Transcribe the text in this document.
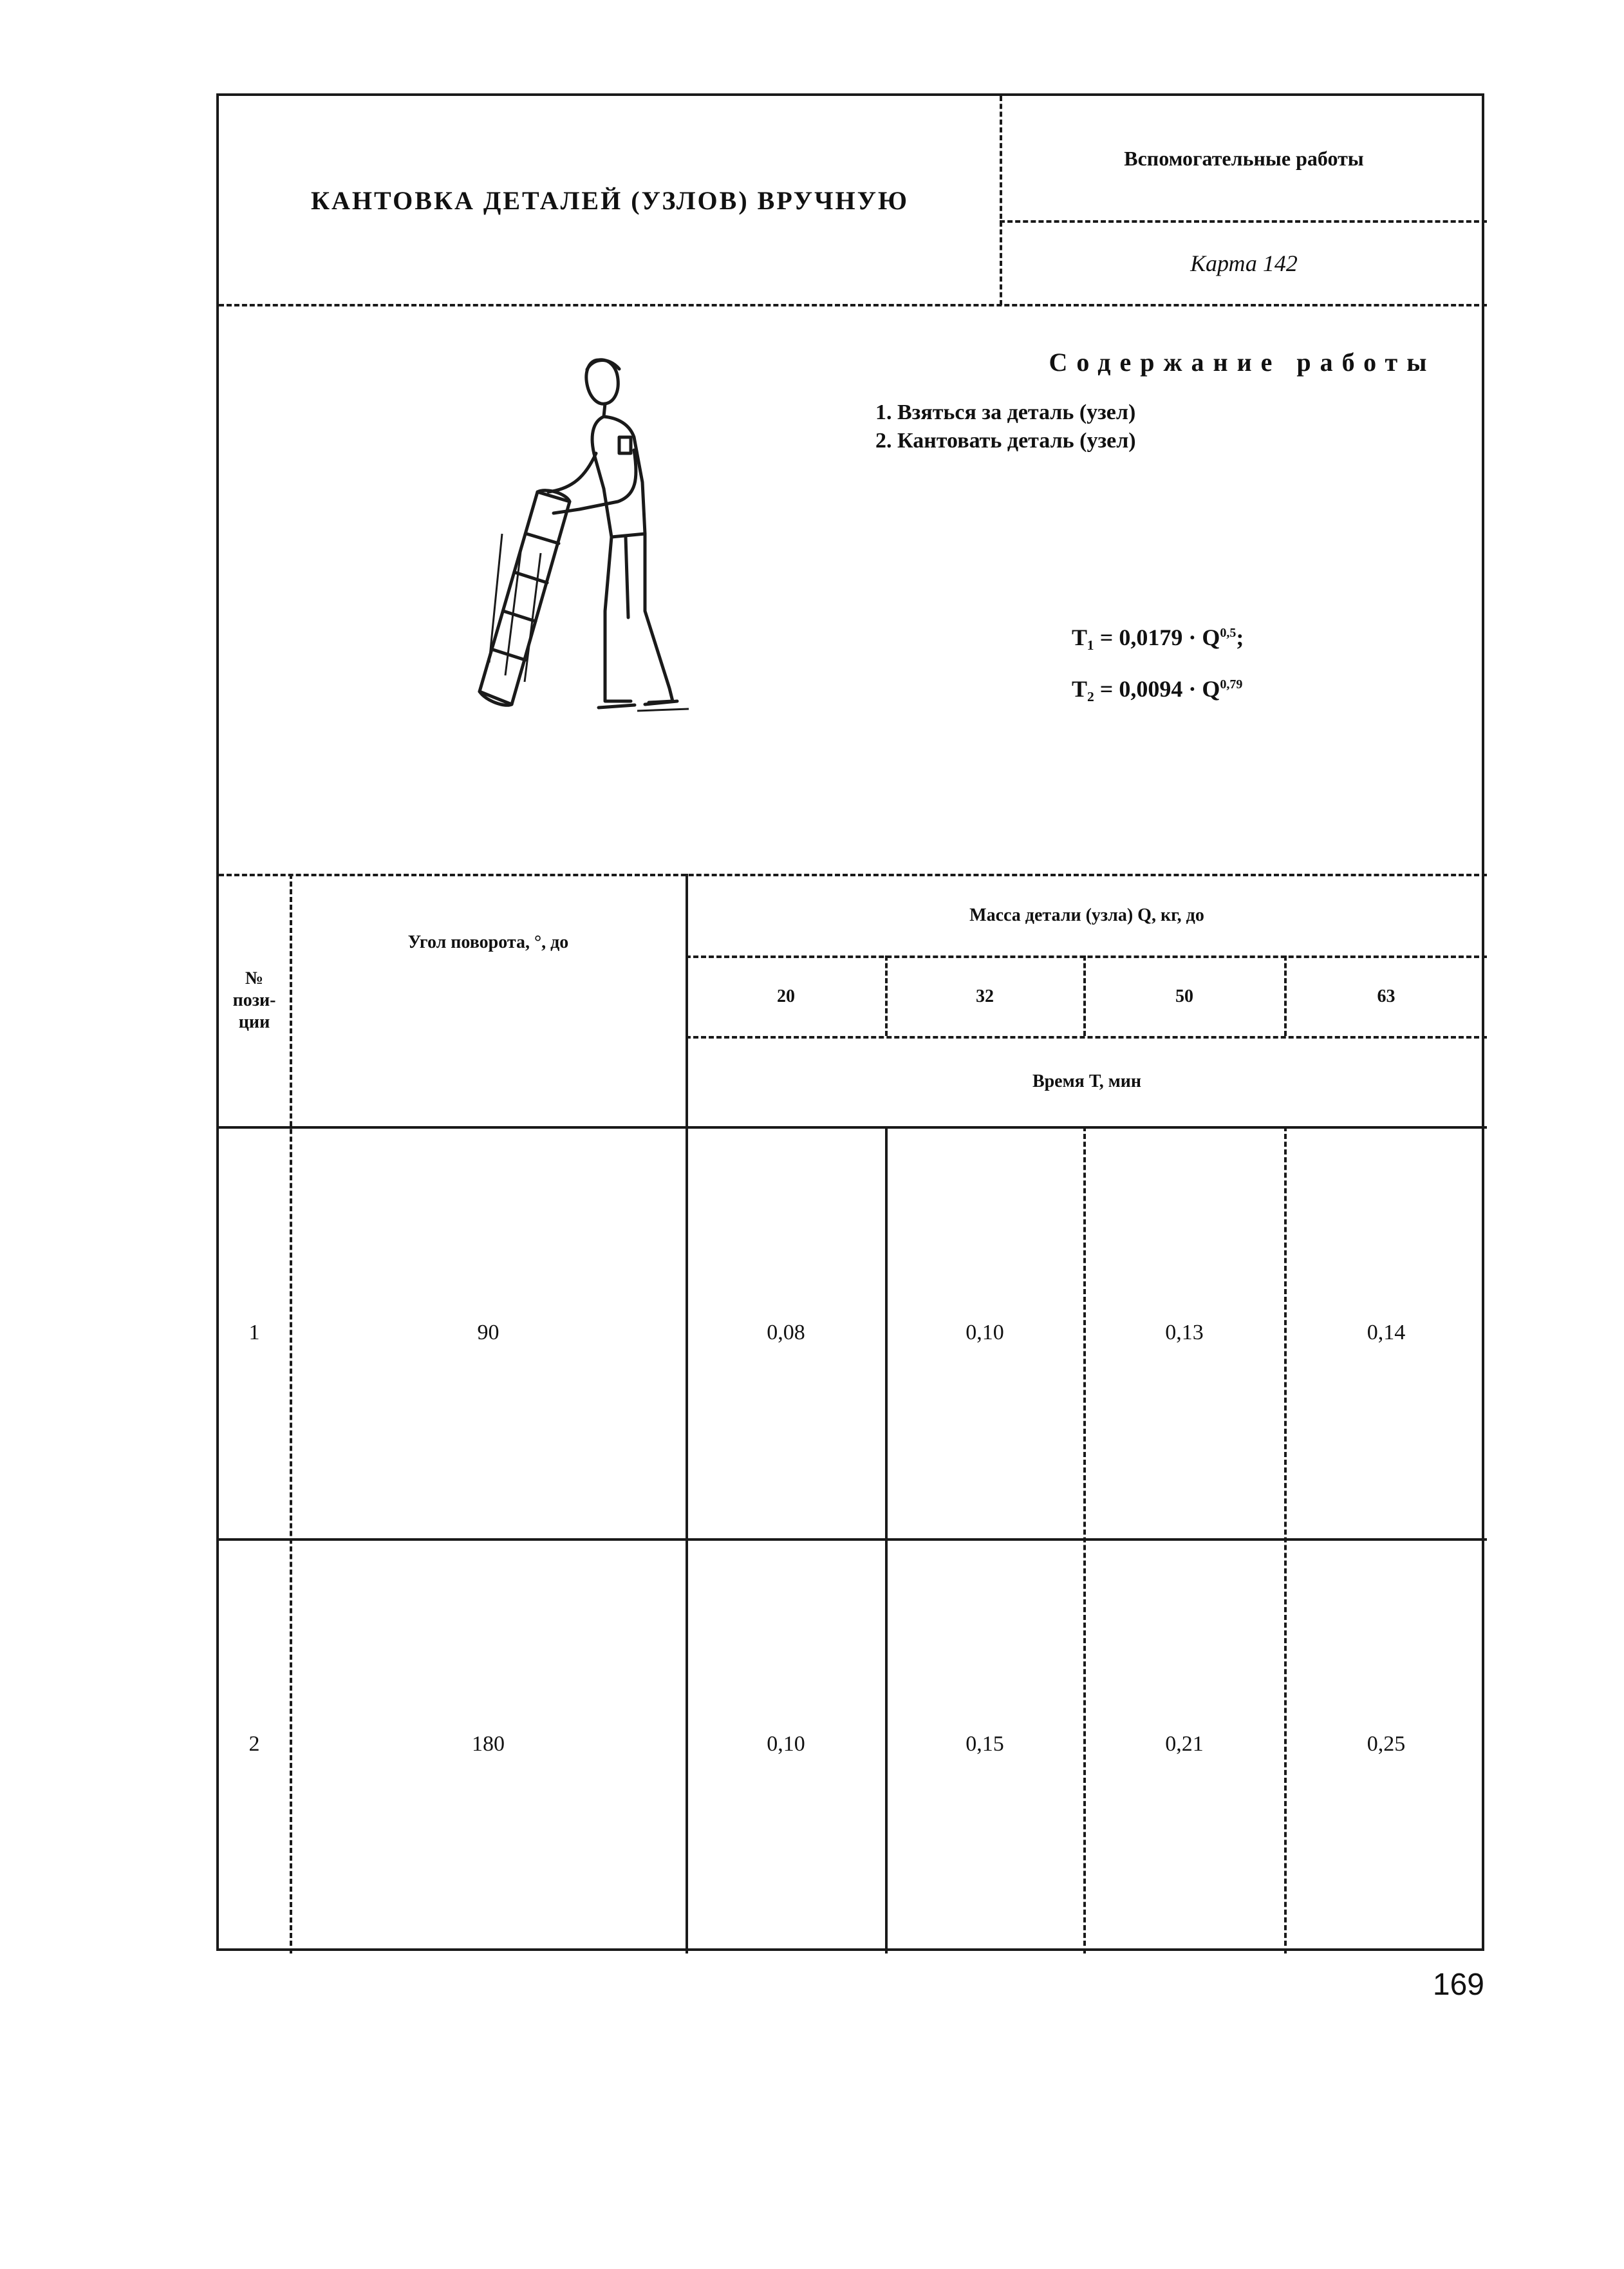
КАНТОВКА ДЕТАЛЕЙ (УЗЛОВ) ВРУЧНУЮ
Вспомогательные работы
Карта 142
Содержание работы
1. Взяться за деталь (узел)
2. Кантовать деталь (узел)
T₁ = 0,0179 · Q$^{0,5}$;
T₂ = 0,0094 · Q$^{0,79}$
№ пози- ции
Угол поворота, °, до
Масса детали (узла) Q, кг, до
20	32	50	63
Время Т, мин
1	90	0,08	0,10	0,13	0,14
2	180	0,10	0,15	0,21	0,25
169
